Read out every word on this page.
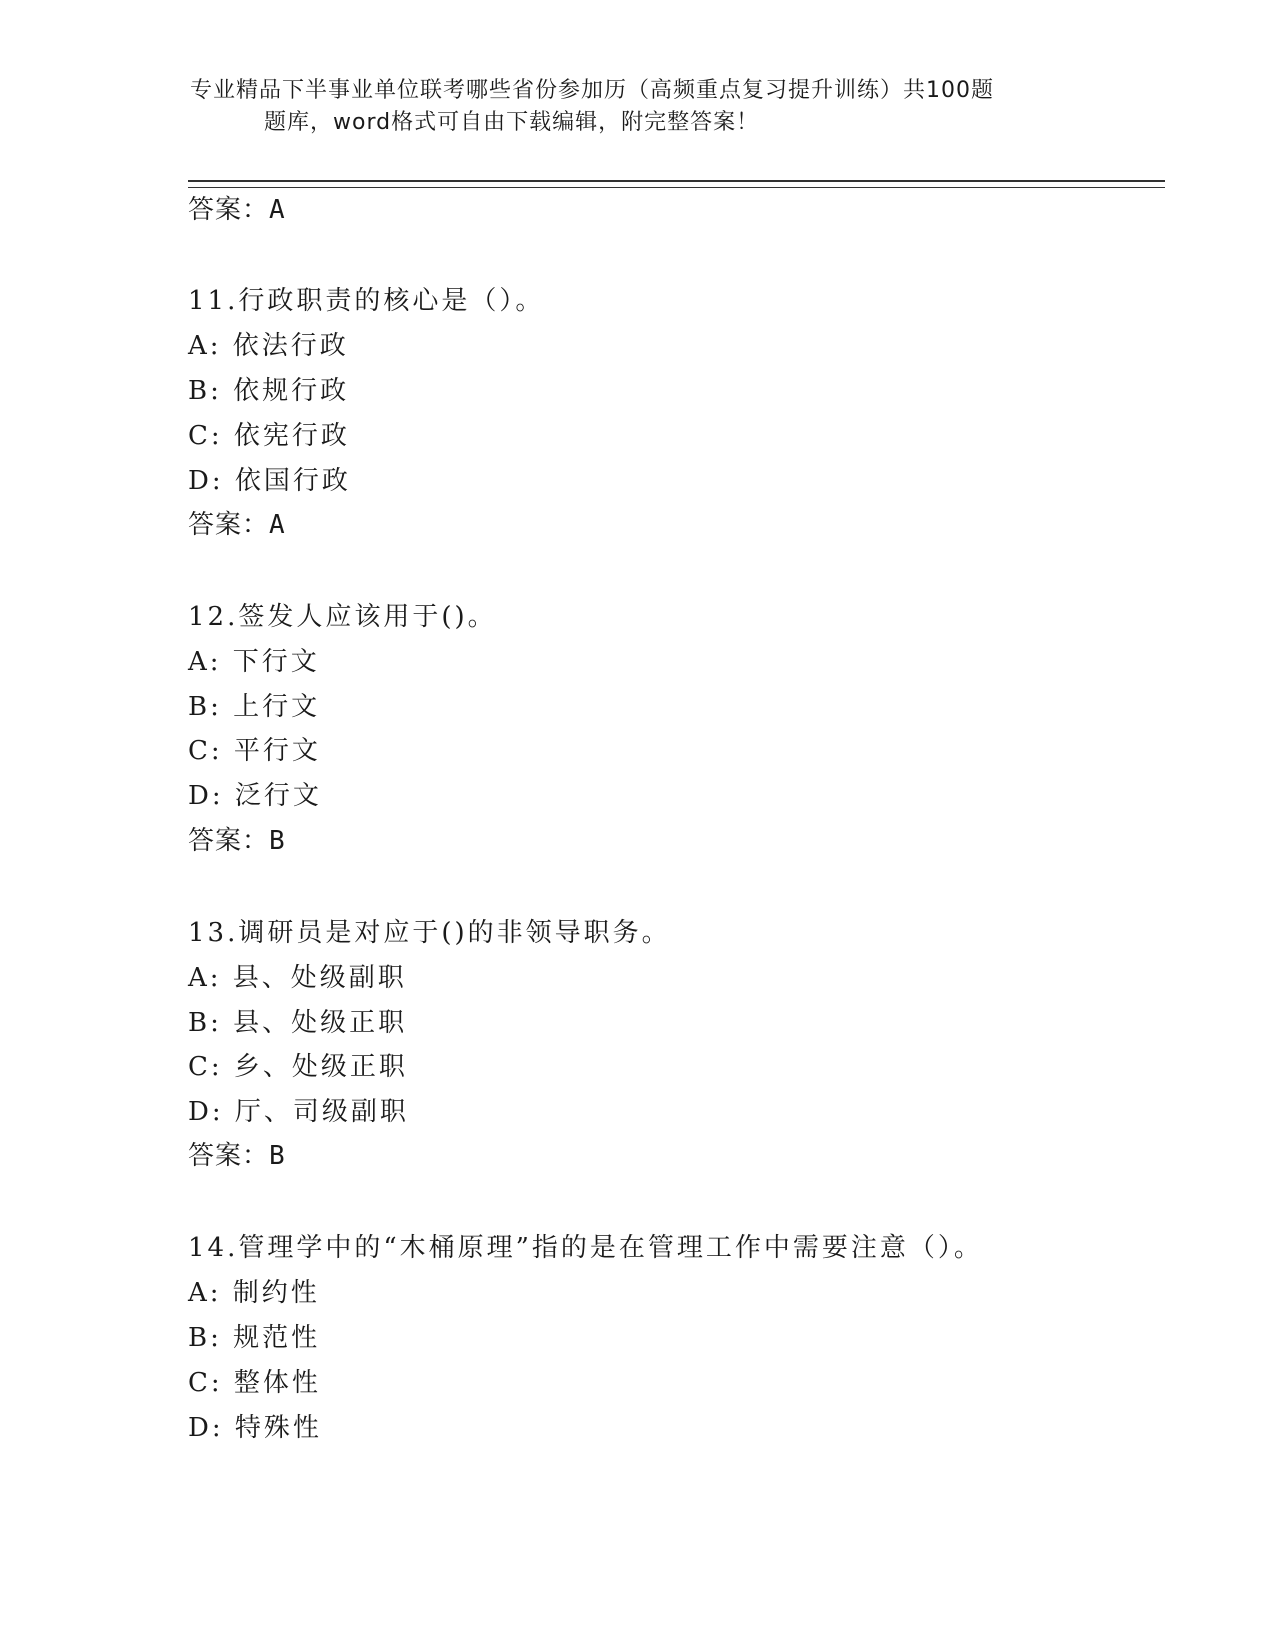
专业精品下半事业单位联考哪些省份参加历（高频重点复习提升训练）共100题
题库，word格式可自由下载编辑，附完整答案！
答案：A
11.行政职责的核心是（）。
A: 依法行政
B: 依规行政
C: 依宪行政
D: 依国行政
答案：A
12.签发人应该用于()。
A: 下行文
B: 上行文
C: 平行文
D: 泛行文
答案：B
13.调研员是对应于()的非领导职务。
A: 县、处级副职
B: 县、处级正职
C: 乡、处级正职
D: 厅、司级副职
答案：B
14.管理学中的“木桶原理”指的是在管理工作中需要注意（）。
A: 制约性
B: 规范性
C: 整体性
D: 特殊性
